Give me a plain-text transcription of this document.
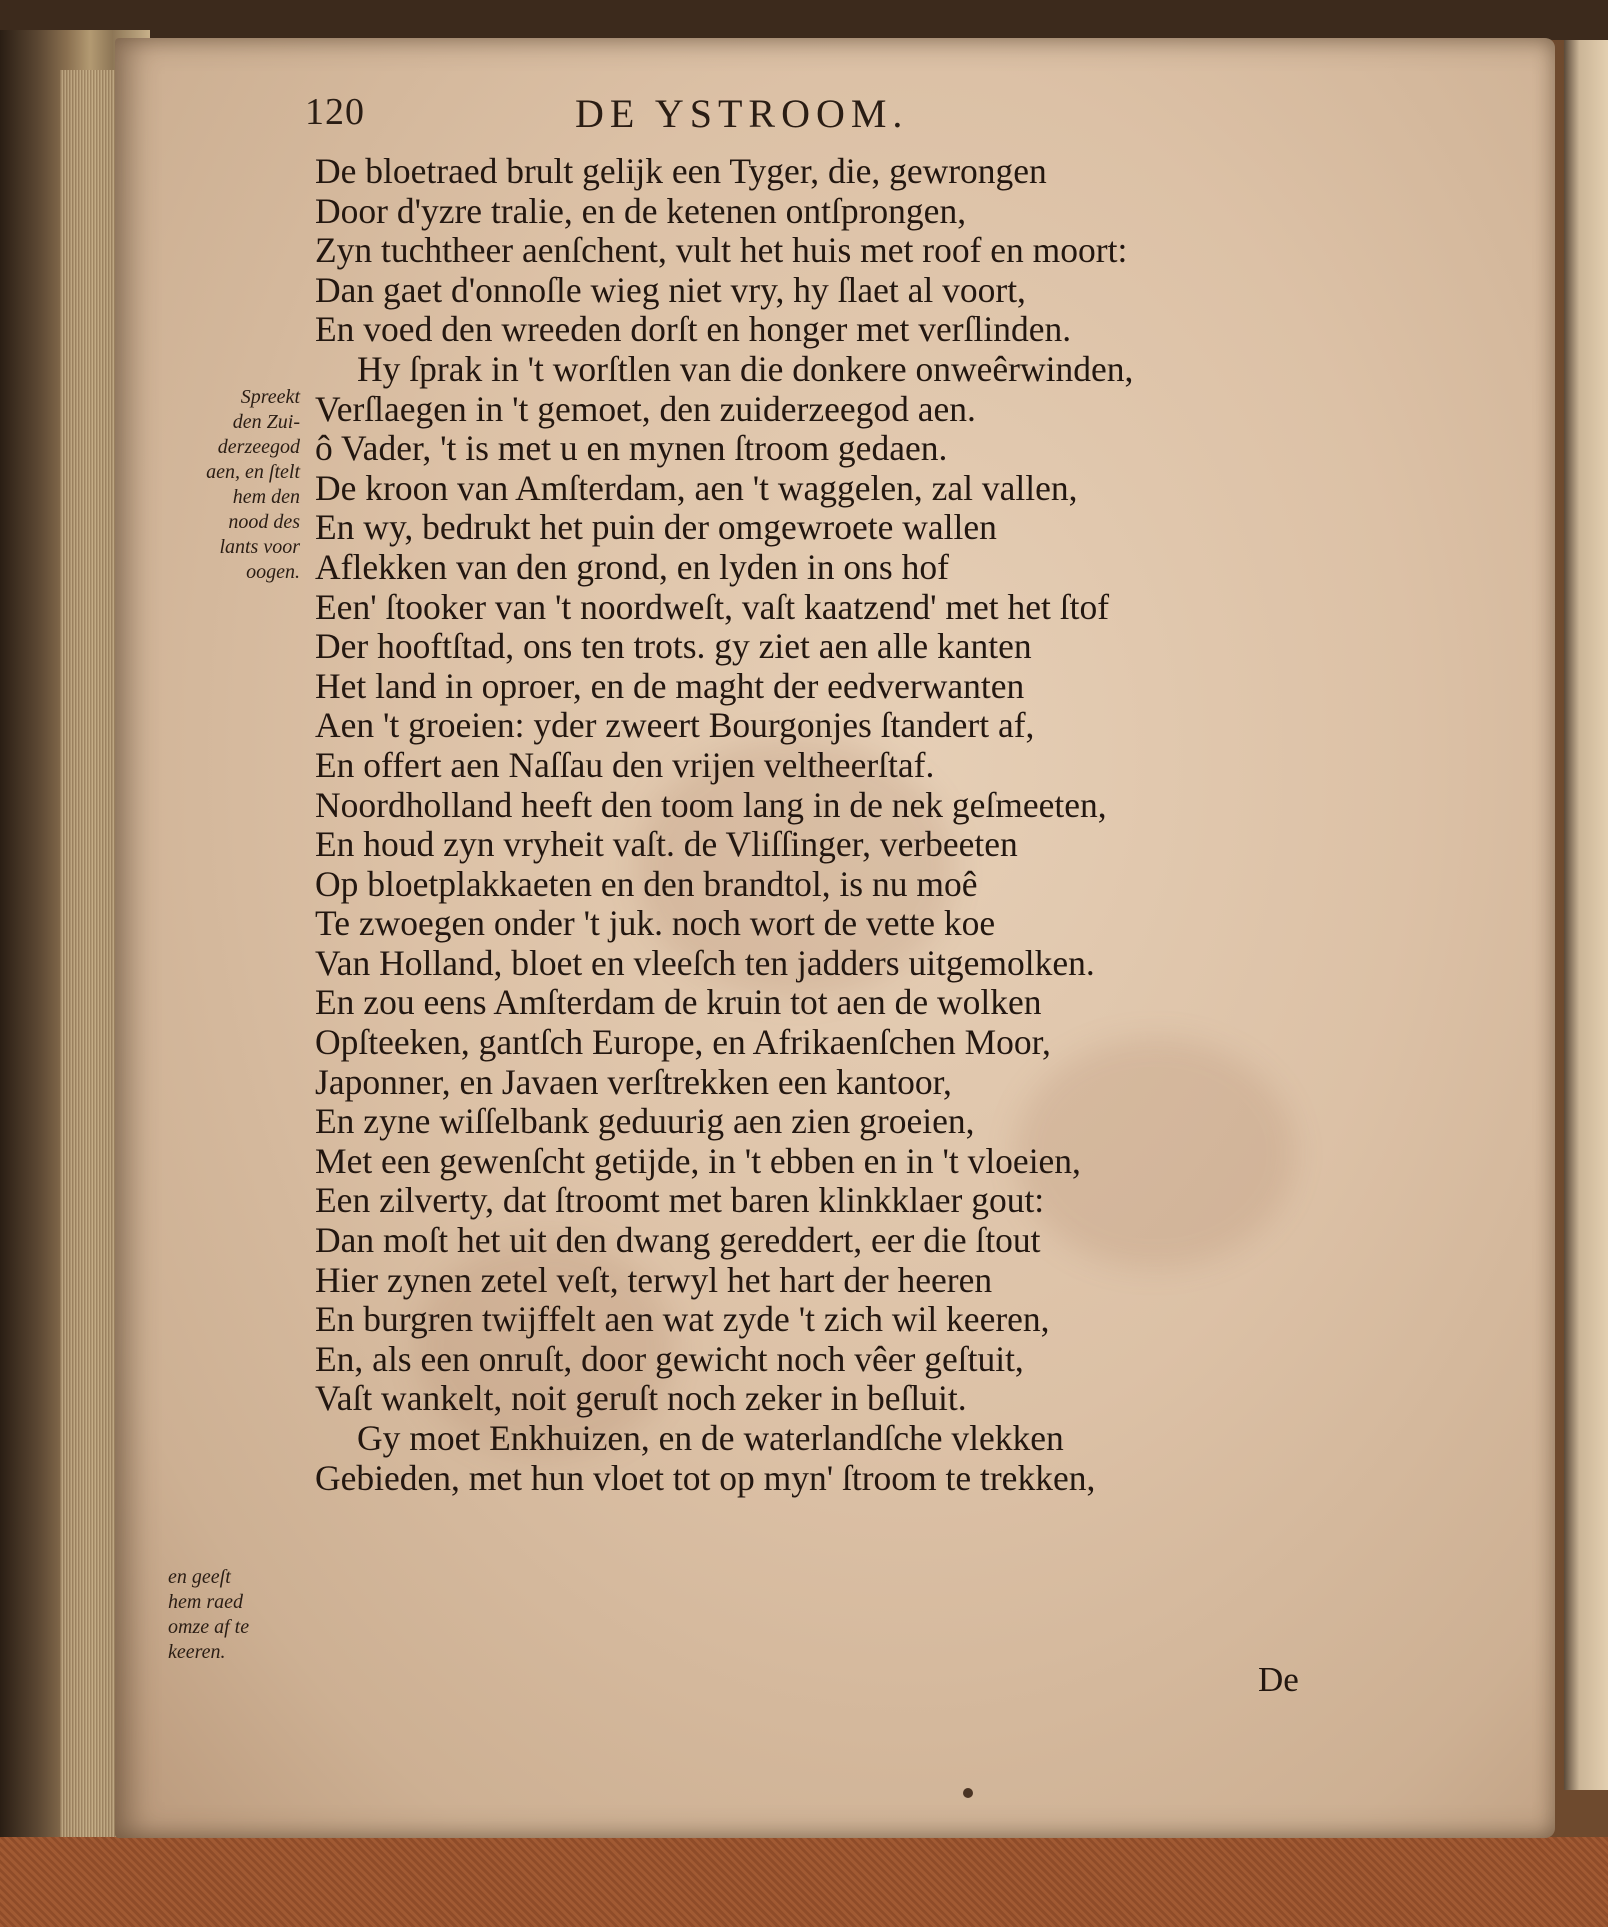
120	DE YSTROOM.
De bloetraed brult gelijk een Tyger, die, gewrongen
Door d'yzre tralie, en de ketenen ontſprongen,
Zyn tuchtheer aenſchent, vult het huis met roof en moort:
Dan gaet d'onnoſle wieg niet vry, hy ſlaet al voort,
En voed den wreeden dorſt en honger met verſlinden.
Hy ſprak in 't worſtlen van die donkere onweêrwinden,
Verſlaegen in 't gemoet, den zuiderzeegod aen.
ô Vader, 't is met u en mynen ſtroom gedaen.
De kroon van Amſterdam, aen 't waggelen, zal vallen,
En wy, bedrukt het puin der omgewroete wallen
Aflekken van den grond, en lyden in ons hof
Een' ſtooker van 't noordweſt, vaſt kaatzend' met het ſtof
Der hooftſtad, ons ten trots. gy ziet aen alle kanten
Het land in oproer, en de maght der eedverwanten
Aen 't groeien: yder zweert Bourgonjes ſtandert af,
En offert aen Naſſau den vrijen veltheerſtaf.
Noordholland heeft den toom lang in de nek geſmeeten,
En houd zyn vryheit vaſt. de Vliſſinger, verbeeten
Op bloetplakkaeten en den brandtol, is nu moê
Te zwoegen onder 't juk. noch wort de vette koe
Van Holland, bloet en vleeſch ten jadders uitgemolken.
En zou eens Amſterdam de kruin tot aen de wolken
Opſteeken, gantſch Europe, en Afrikaenſchen Moor,
Japonner, en Javaen verſtrekken een kantoor,
En zyne wiſſelbank geduurig aen zien groeien,
Met een gewenſcht getijde, in 't ebben en in 't vloeien,
Een zilverty, dat ſtroomt met baren klinkklaer gout:
Dan moſt het uit den dwang gereddert, eer die ſtout
Hier zynen zetel veſt, terwyl het hart der heeren
En burgren twijffelt aen wat zyde 't zich wil keeren,
En, als een onruſt, door gewicht noch vêer geſtuit,
Vaſt wankelt, noit geruſt noch zeker in beſluit.
Gy moet Enkhuizen, en de waterlandſche vlekken
Gebieden, met hun vloet tot op myn' ſtroom te trekken,
Spreekt
den Zui-
derzeegod
aen, en ſtelt
hem den
nood des
lants voor
oogen.
en geeſt
hem raed
omze af te
keeren.
De
